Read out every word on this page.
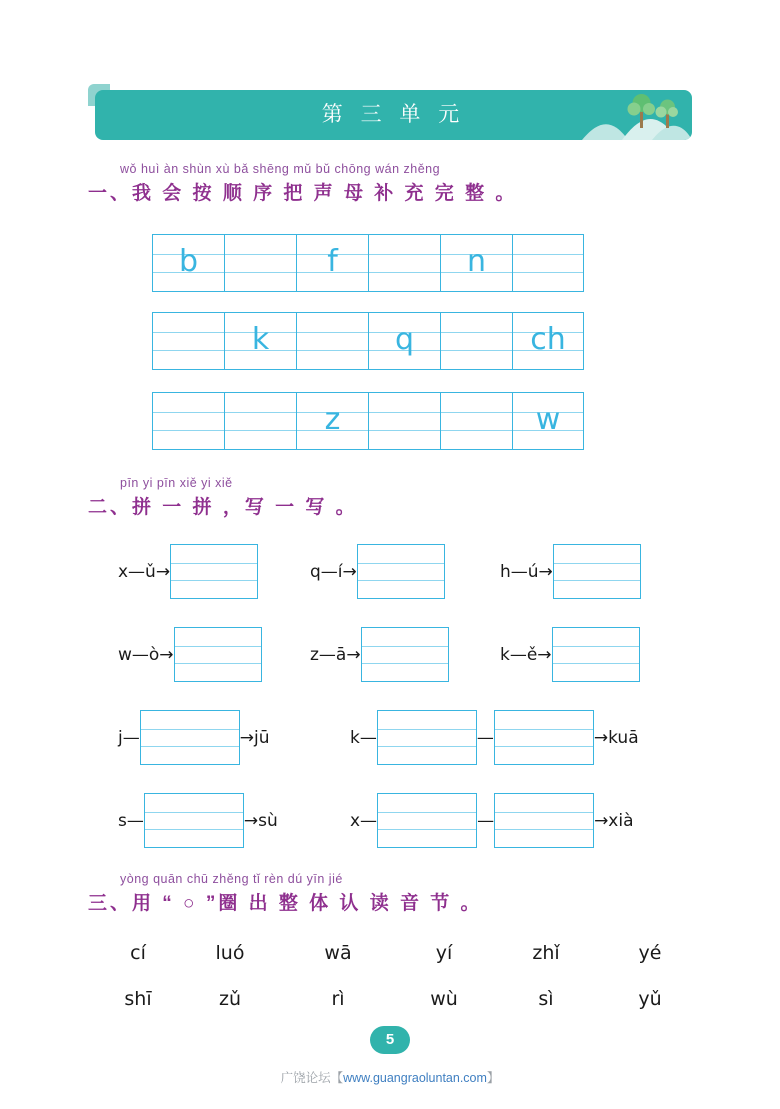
第 三 单 元
wǒ huì àn shùn xù bǎ shēng mǔ bǔ chōng wán zhěng
一、我 会 按 顺 序 把 声 母 补 充 完 整 。
b	f	n
k	q	ch
z	w
pīn yi pīn xiě yi xiě
二、拼 一 拼 ，写 一 写 。
x—ǔ→	q—í→	h—ú→
w—ò→	z—ā→	k—ě→
j—	→jū	k—	—	→kuā
s—	→sù	x—	—	→xià
yòng quān chū zhěng tǐ rèn dú yīn jié
三、用 “ ○ ”圈 出 整 体 认 读 音 节 。
cí	luó	wā	yí	zhǐ	yé
shī	zǔ	rì	wù	sì	yǔ
5
广饶论坛【www.guangraoluntan.com】
